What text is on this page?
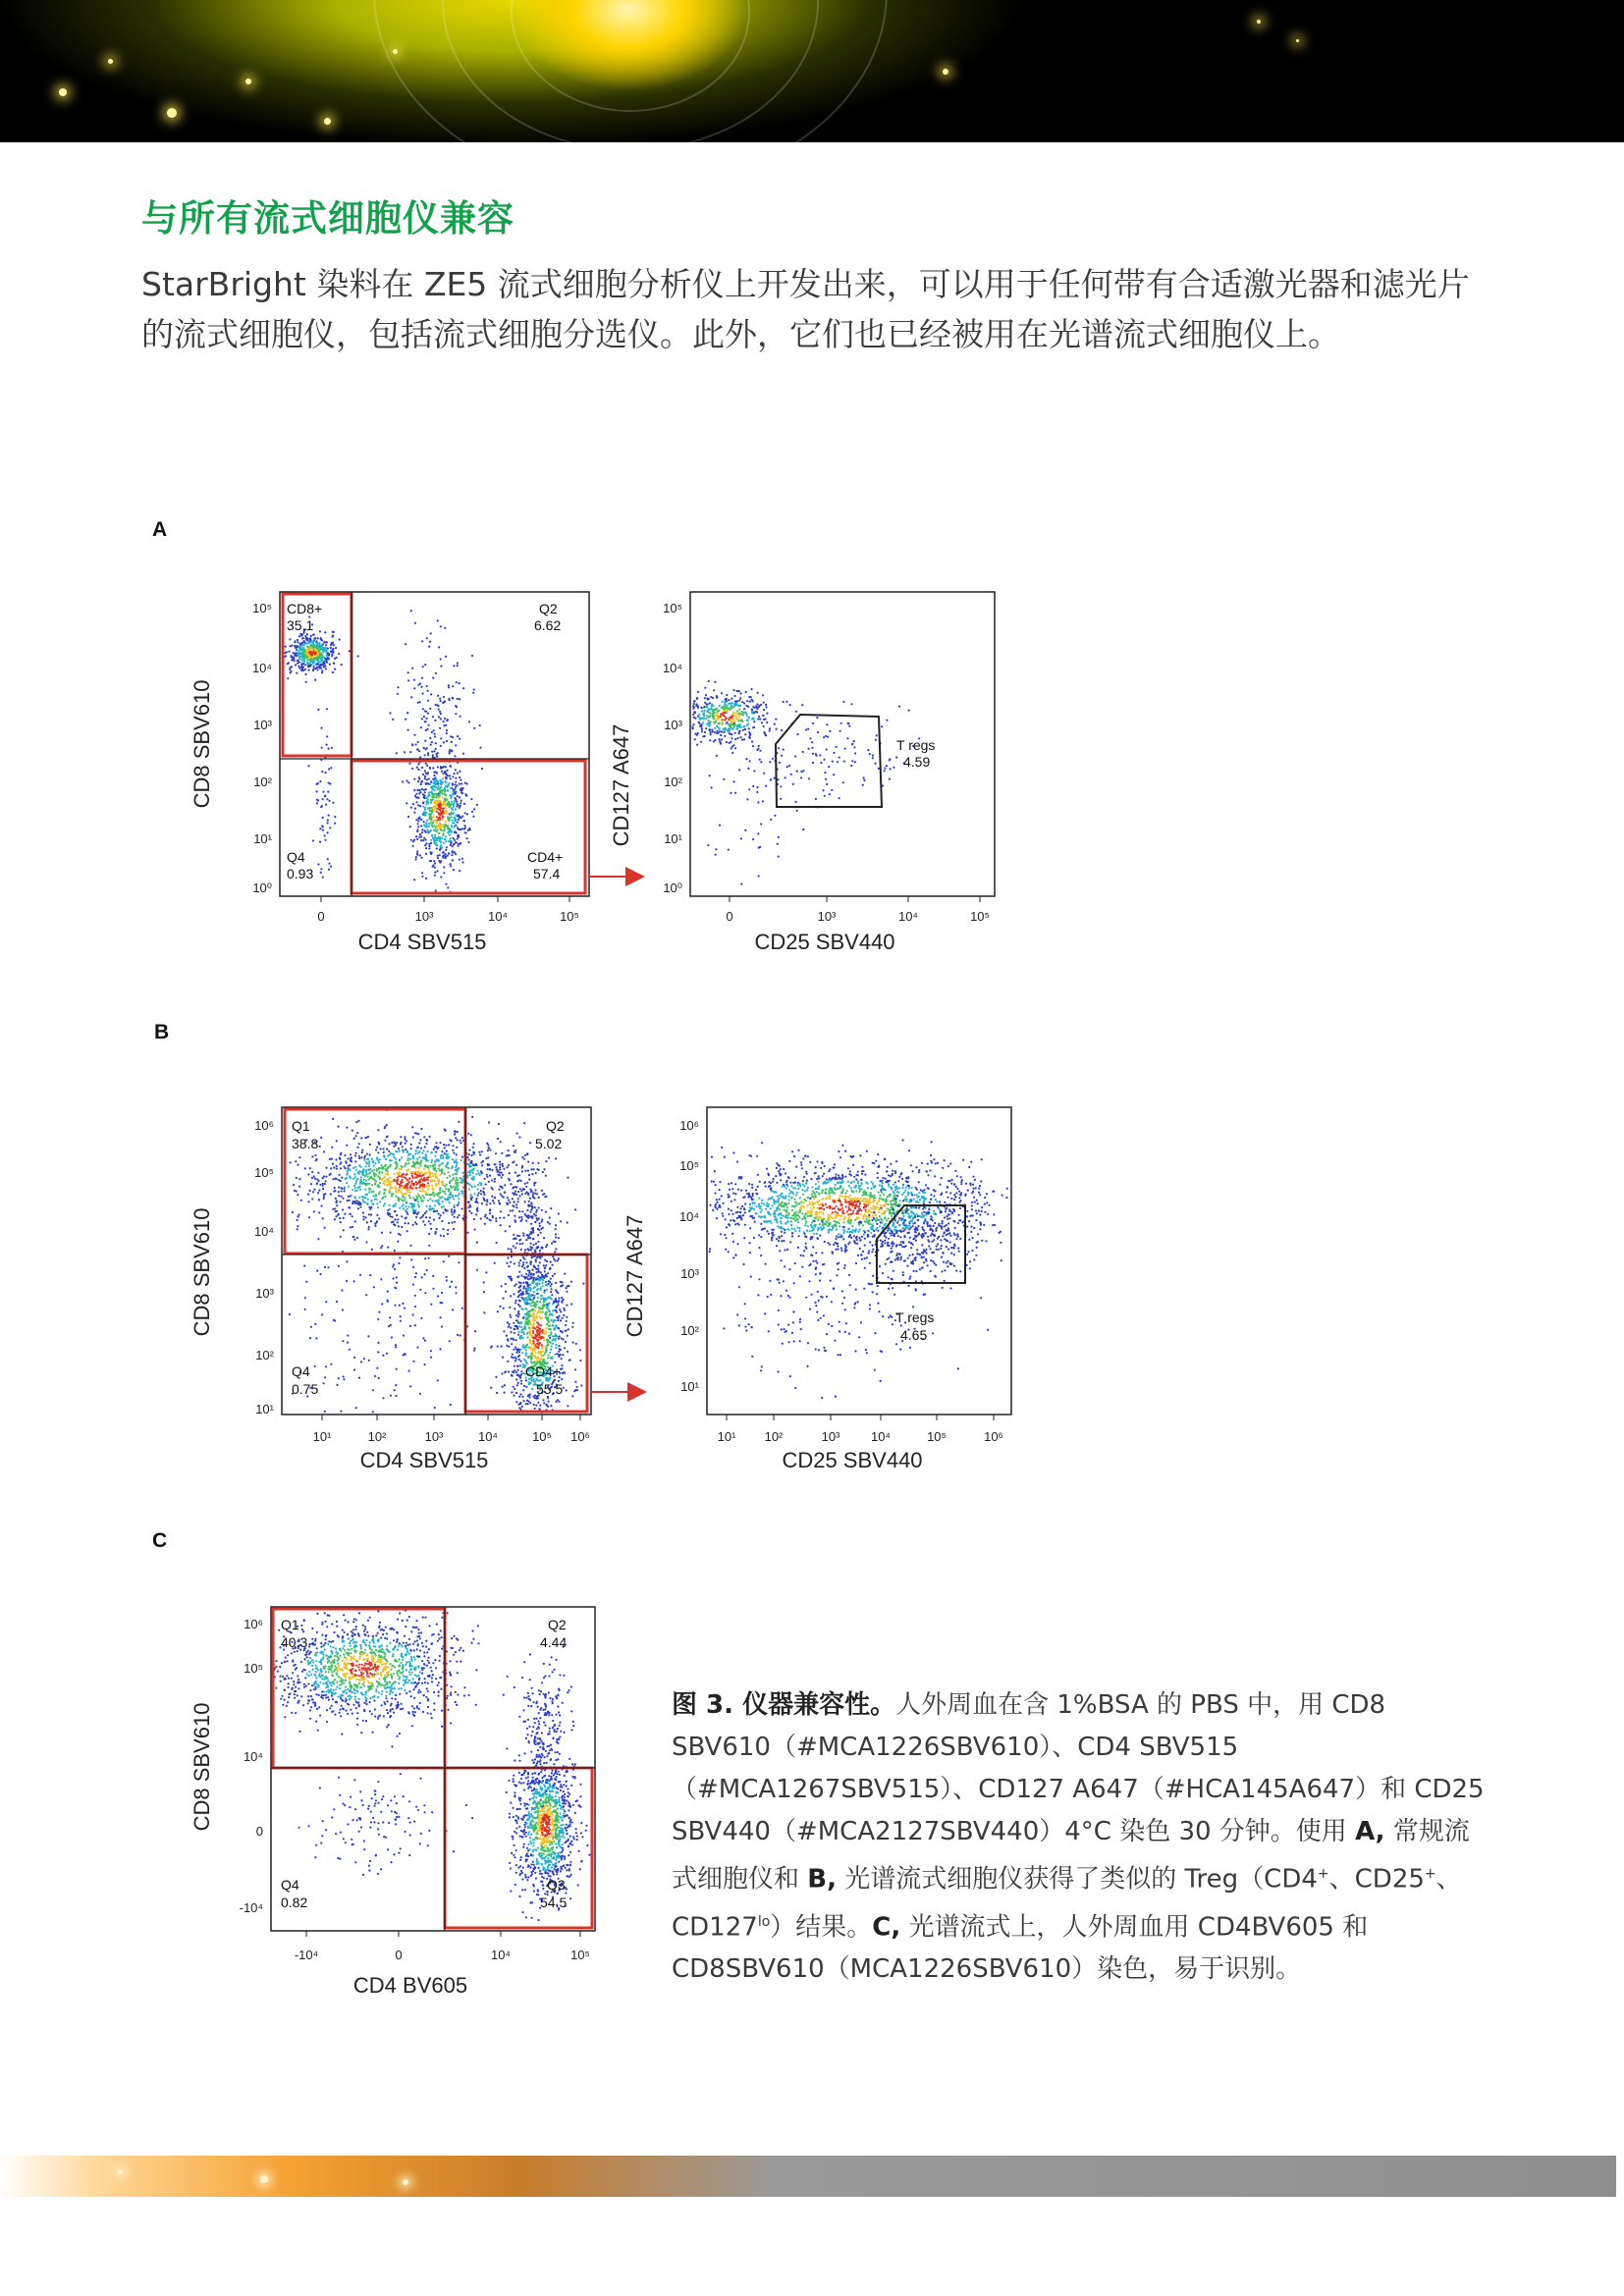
与所有流式细胞仪兼容
StarBright 染料在 ZE5 流式细胞分析仪上开发出来，可以用于任何带有合适激光器和滤光片的流式细胞仪，包括流式细胞分选仪。此外，它们也已经被用在光谱流式细胞仪上。
A
B
C
CD8+
35.1
Q2
6.62
Q4
0.93
CD4+
57.4
10⁵
10⁴
10³
10²
10¹
10⁰
0	10³	10⁴	10⁵
CD4 SBV515
CD8 SBV610	T regs
4.59
10⁵
10⁴
10³
10²
10¹
10⁰
0	10³	10⁴	10⁵
CD25 SBV440
CD127 A647
Q1
38.8
Q2
5.02
Q4
0.75
CD4+
55.5
10⁶
10⁵
10⁴
10³
10²
10¹
10¹	10²	10³	10⁴	10⁵ 10⁶
CD4 SBV515
CD8 SBV610	T regs
4.65
10⁶
10⁵
10⁴
10³
10²
10¹
10¹ 10²	10³ 10⁴	10⁵	10⁶
CD25 SBV440
CD127 A647
Q1
40.3
Q2
4.44
Q4
0.82
Q3
54.5
10⁶
10⁵
10⁴
0
-10⁴
-10⁴	0	10⁴	10⁵
CD4 BV605
CD8 SBV610	图 3. 仪器兼容性。人外周血在含 1%BSA 的 PBS 中，用 CD8 SBV610（#MCA1226SBV610）、CD4 SBV515（#MCA1267SBV515）、CD127 A647（#HCA145A647）和 CD25 SBV440（#MCA2127SBV440）4°C 染色 30 分钟。使用 A, 常规流式细胞仪和 B, 光谱流式细胞仪获得了类似的 Treg（CD4+、CD25+、$CD127^{lo}$）结果。C, 光谱流式上，人外周血用 CD4BV605 和 CD8SBV610（MCA1226SBV610）染色，易于识别。
